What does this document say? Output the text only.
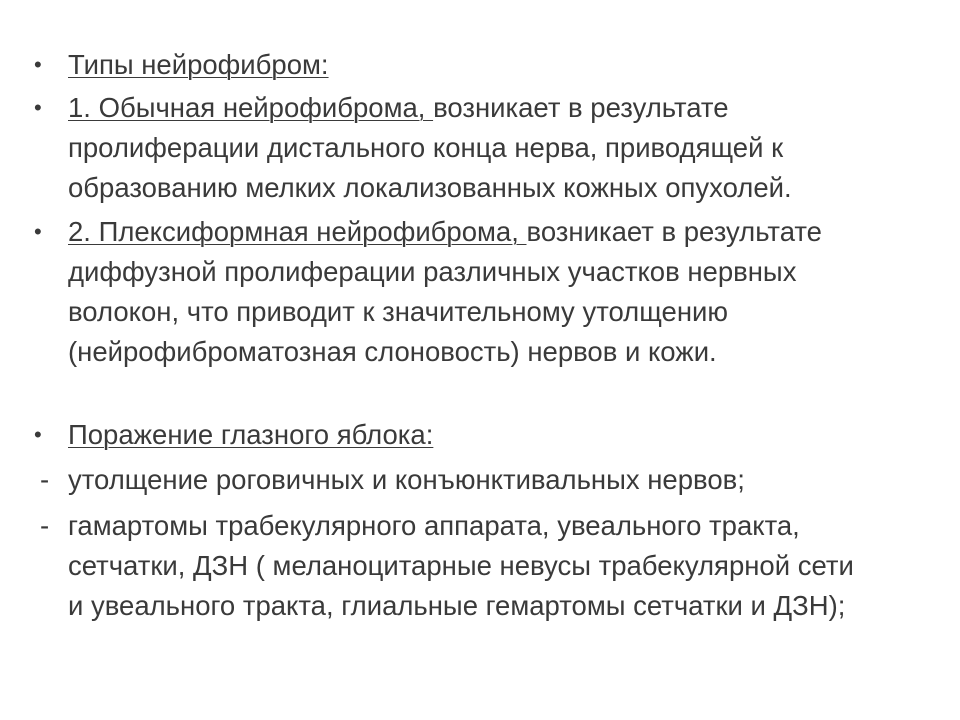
• Типы нейрофибром:
• 1. Обычная нейрофиброма, возникает в результате
пролиферации дистального конца нерва, приводящей к
образованию мелких локализованных кожных опухолей.
• 2. Плексиформная нейрофиброма, возникает в результате
диффузной пролиферации различных участков нервных
волокон, что приводит к значительному утолщению
(нейрофиброматозная слоновость) нервов и кожи.
• Поражение глазного яблока:
- утолщение роговичных и конъюнктивальных нервов;
- гамартомы трабекулярного аппарата, увеального тракта,
сетчатки, ДЗН ( меланоцитарные невусы трабекулярной сети
и увеального тракта, глиальные гемартомы сетчатки и ДЗН);
